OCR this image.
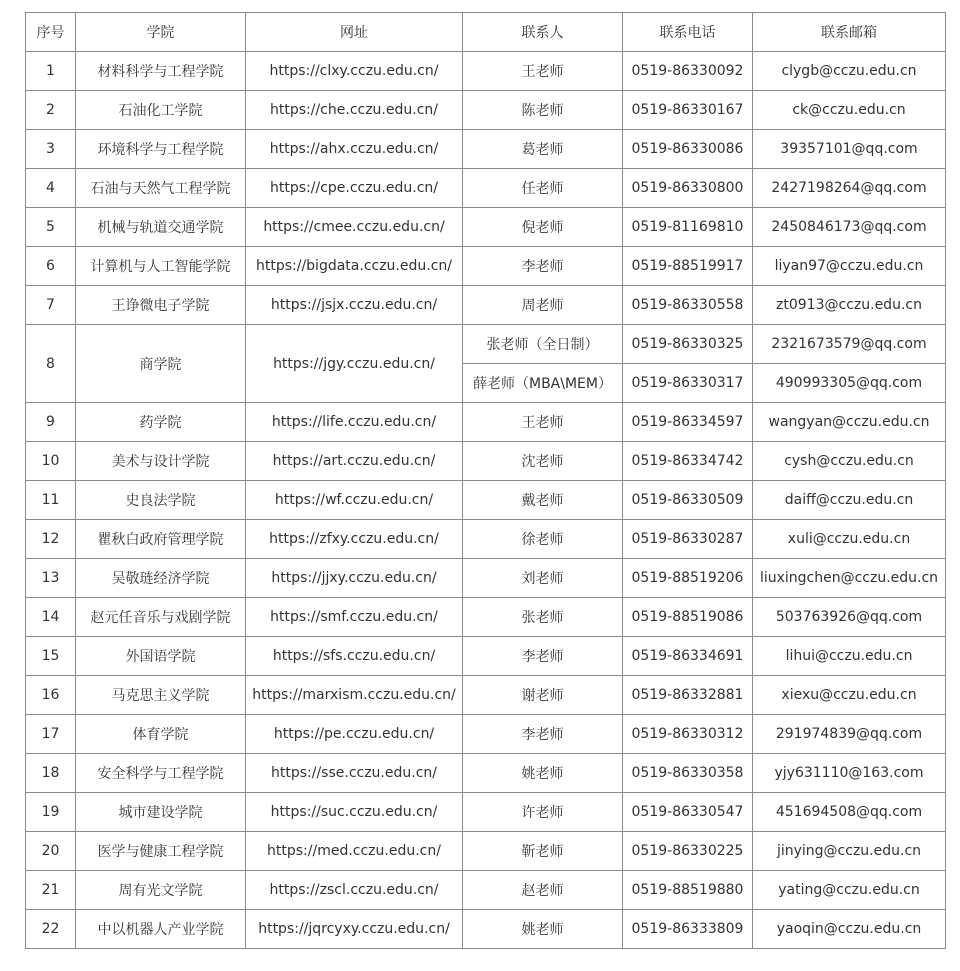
序号	学院	网址	联系人	联系电话	联系邮箱
1	材料科学与工程学院	https://clxy.cczu.edu.cn/	王老师	0519-86330092	clygb@cczu.edu.cn
2	石油化工学院	https://che.cczu.edu.cn/	陈老师	0519-86330167	ck@cczu.edu.cn
3	环境科学与工程学院	https://ahx.cczu.edu.cn/	葛老师	0519-86330086	39357101@qq.com
4	石油与天然气工程学院	https://cpe.cczu.edu.cn/	任老师	0519-86330800	2427198264@qq.com
5	机械与轨道交通学院	https://cmee.cczu.edu.cn/	倪老师	0519-81169810	2450846173@qq.com
6	计算机与人工智能学院	https://bigdata.cczu.edu.cn/	李老师	0519-88519917	liyan97@cczu.edu.cn
7	王诤微电子学院	https://jsjx.cczu.edu.cn/	周老师	0519-86330558	zt0913@cczu.edu.cn
8	商学院	https://jgy.cczu.edu.cn/	张老师（全日制）	0519-86330325	2321673579@qq.com
			薛老师（MBA\MEM）	0519-86330317	490993305@qq.com
9	药学院	https://life.cczu.edu.cn/	王老师	0519-86334597	wangyan@cczu.edu.cn
10	美术与设计学院	https://art.cczu.edu.cn/	沈老师	0519-86334742	cysh@cczu.edu.cn
11	史良法学院	https://wf.cczu.edu.cn/	戴老师	0519-86330509	daiff@cczu.edu.cn
12	瞿秋白政府管理学院	https://zfxy.cczu.edu.cn/	徐老师	0519-86330287	xuli@cczu.edu.cn
13	吴敬琏经济学院	https://jjxy.cczu.edu.cn/	刘老师	0519-88519206	liuxingchen@cczu.edu.cn
14	赵元任音乐与戏剧学院	https://smf.cczu.edu.cn/	张老师	0519-88519086	503763926@qq.com
15	外国语学院	https://sfs.cczu.edu.cn/	李老师	0519-86334691	lihui@cczu.edu.cn
16	马克思主义学院	https://marxism.cczu.edu.cn/	谢老师	0519-86332881	xiexu@cczu.edu.cn
17	体育学院	https://pe.cczu.edu.cn/	李老师	0519-86330312	291974839@qq.com
18	安全科学与工程学院	https://sse.cczu.edu.cn/	姚老师	0519-86330358	yjy631110@163.com
19	城市建设学院	https://suc.cczu.edu.cn/	许老师	0519-86330547	451694508@qq.com
20	医学与健康工程学院	https://med.cczu.edu.cn/	靳老师	0519-86330225	jinying@cczu.edu.cn
21	周有光文学院	https://zscl.cczu.edu.cn/	赵老师	0519-88519880	yating@cczu.edu.cn
22	中以机器人产业学院	https://jqrcyxy.cczu.edu.cn/	姚老师	0519-86333809	yaoqin@cczu.edu.cn
